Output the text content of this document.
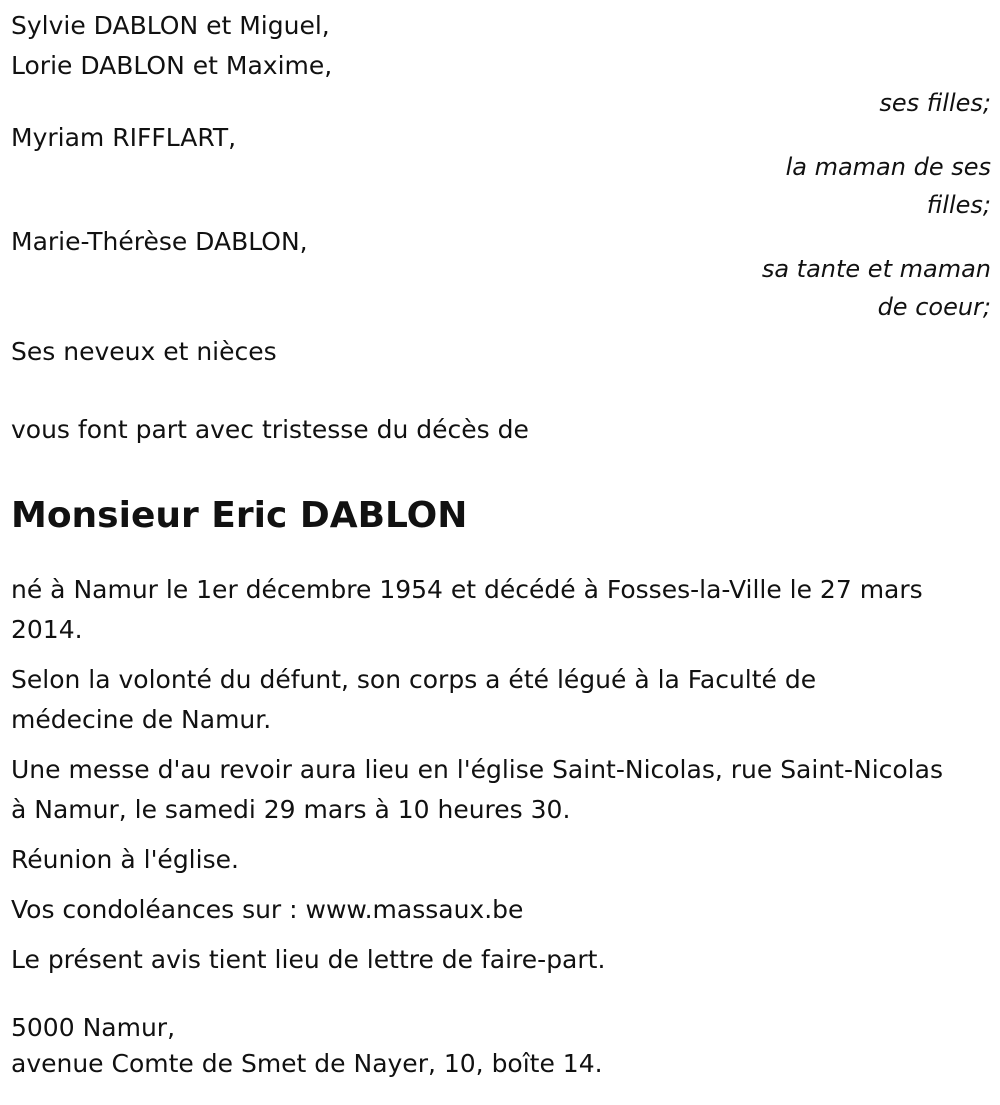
Sylvie DABLON et Miguel,
Lorie DABLON et Maxime,
ses filles;
Myriam RIFFLART,
la maman de ses
filles;
Marie-Thérèse DABLON,
sa tante et maman
de coeur;
Ses neveux et nièces
vous font part avec tristesse du décès de
Monsieur Eric DABLON
né à Namur le 1er décembre 1954 et décédé à Fosses-la-Ville le 27 mars
2014.
Selon la volonté du défunt, son corps a été légué à la Faculté de
médecine de Namur.
Une messe d'au revoir aura lieu en l'église Saint-Nicolas, rue Saint-Nicolas
à Namur, le samedi 29 mars à 10 heures 30.
Réunion à l'église.
Vos condoléances sur : www.massaux.be
Le présent avis tient lieu de lettre de faire-part.
5000 Namur,
avenue Comte de Smet de Nayer, 10, boîte 14.
